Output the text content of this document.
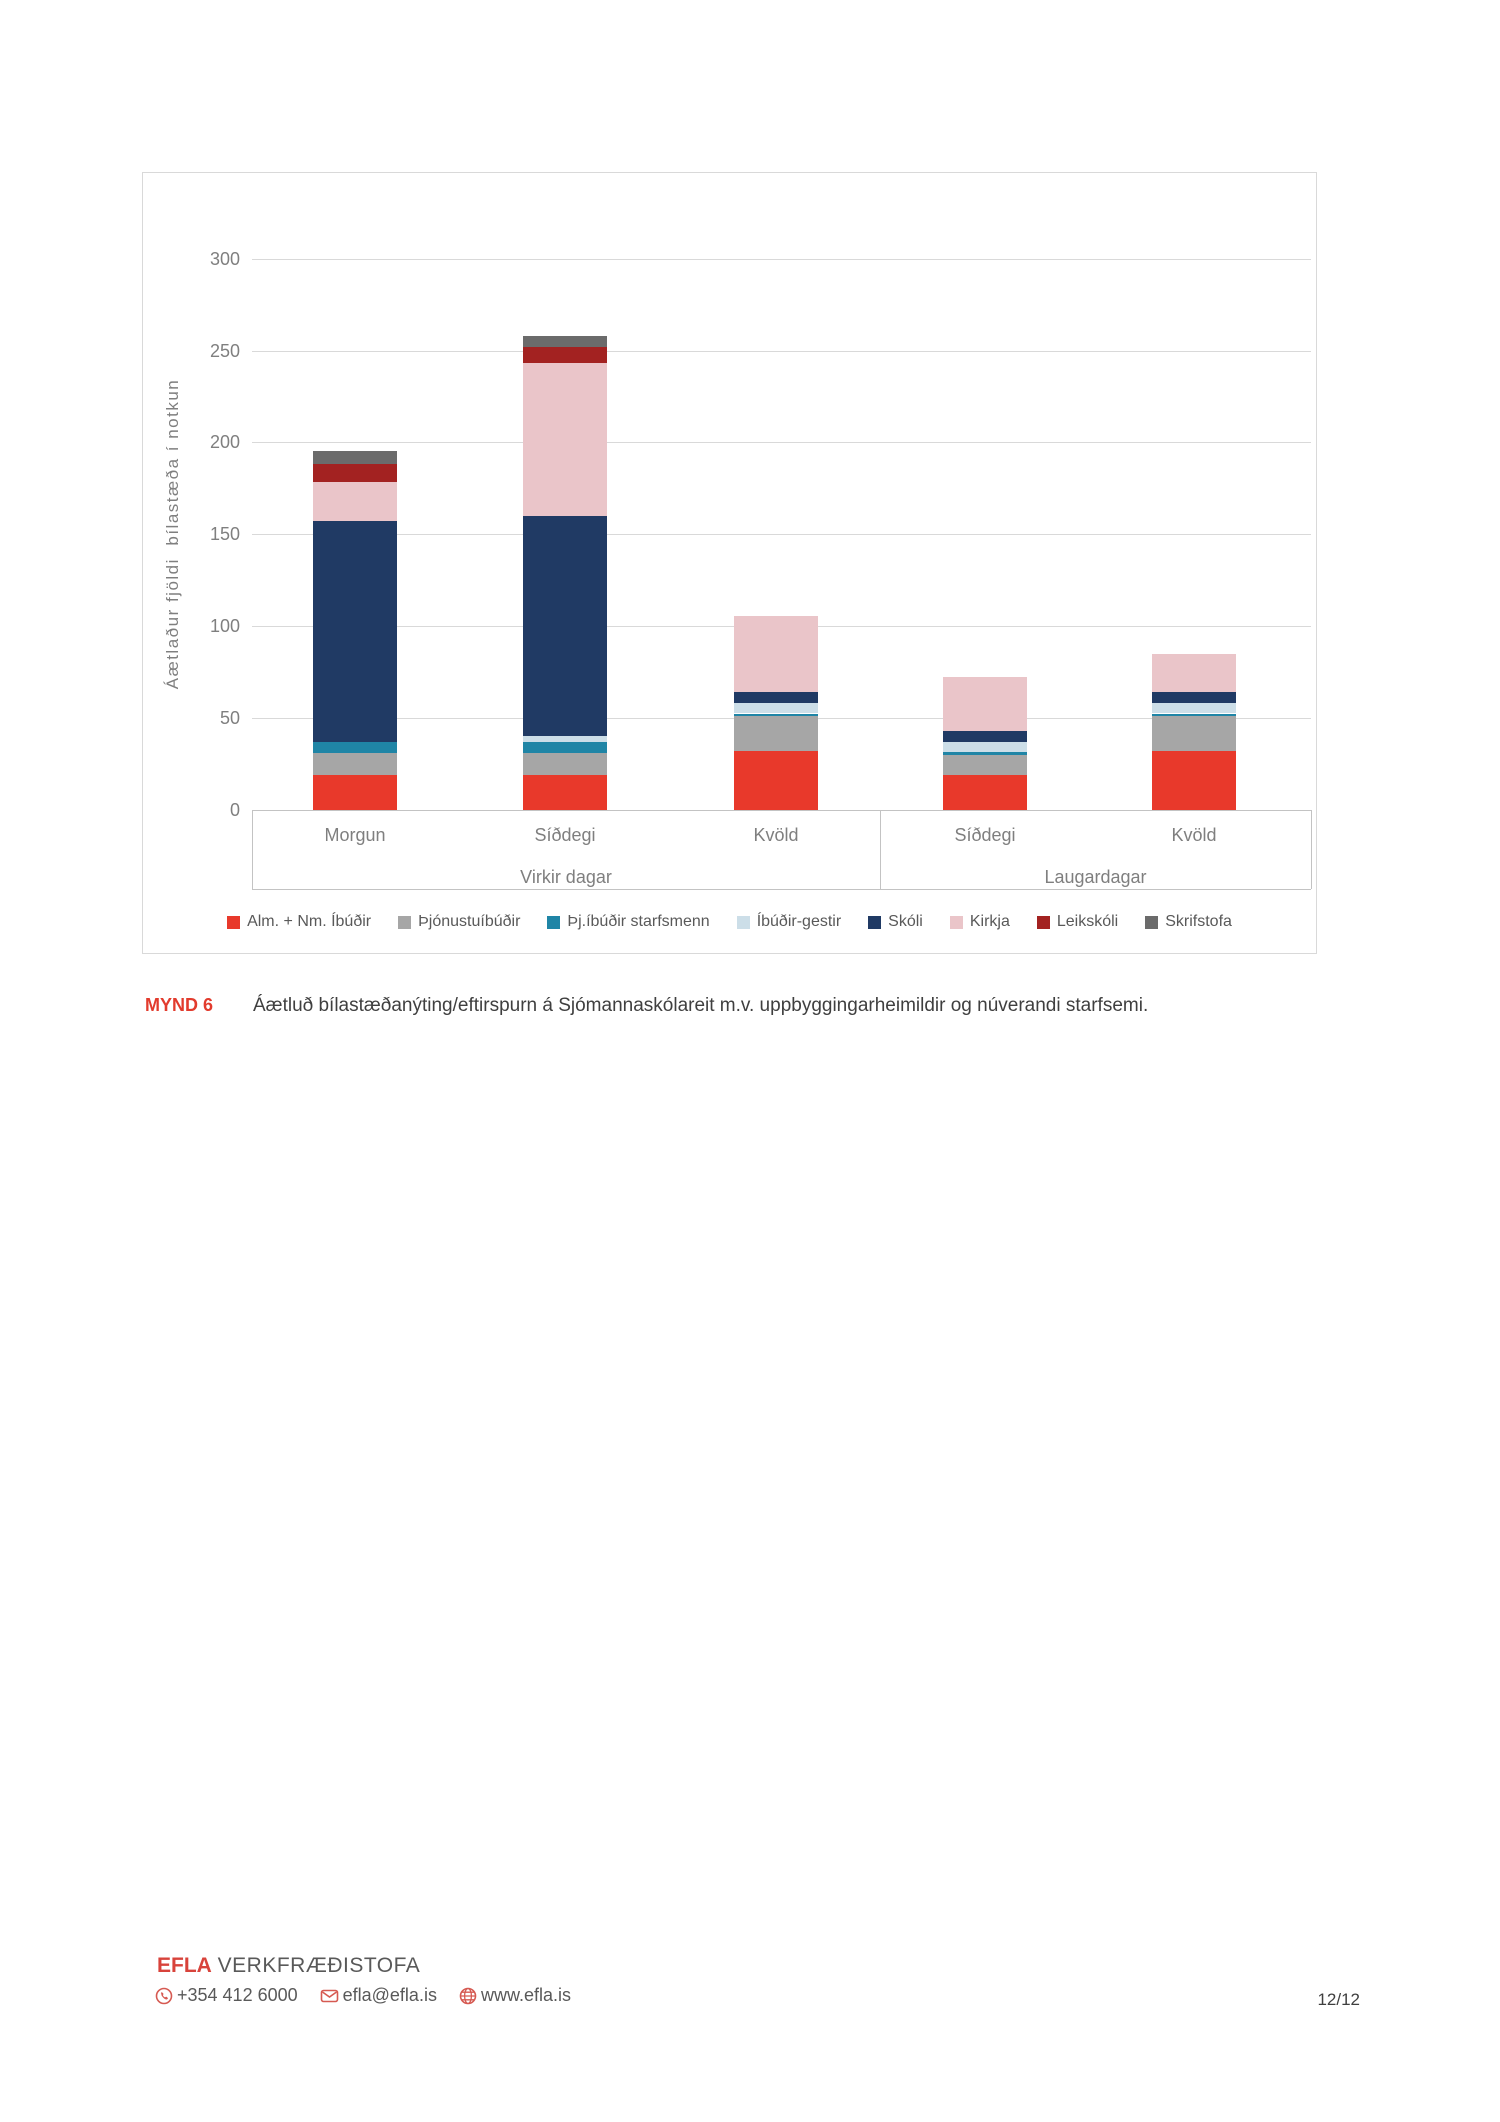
Áætlaður fjöldi  bílastæða í notkun
0
50
100
150
200
250
300
Morgun	Síðdegi	Kvöld	Síðdegi	Kvöld
Virkir dagar	Laugardagar
Alm. + Nm. Íbúðir	Þjónustuíbúðir	Þj.íbúðir starfsmenn	Íbúðir-gestir	Skóli	Kirkja	Leikskóli	Skrifstofa
MYND 6	Áætluð bílastæðanýting/eftirspurn á Sjómannaskólareit m.v. uppbyggingarheimildir og núverandi starfsemi.
EFLA VERKFRÆÐISTOFA
+354 412 6000	efla@efla.is www.efla.is	12/12
